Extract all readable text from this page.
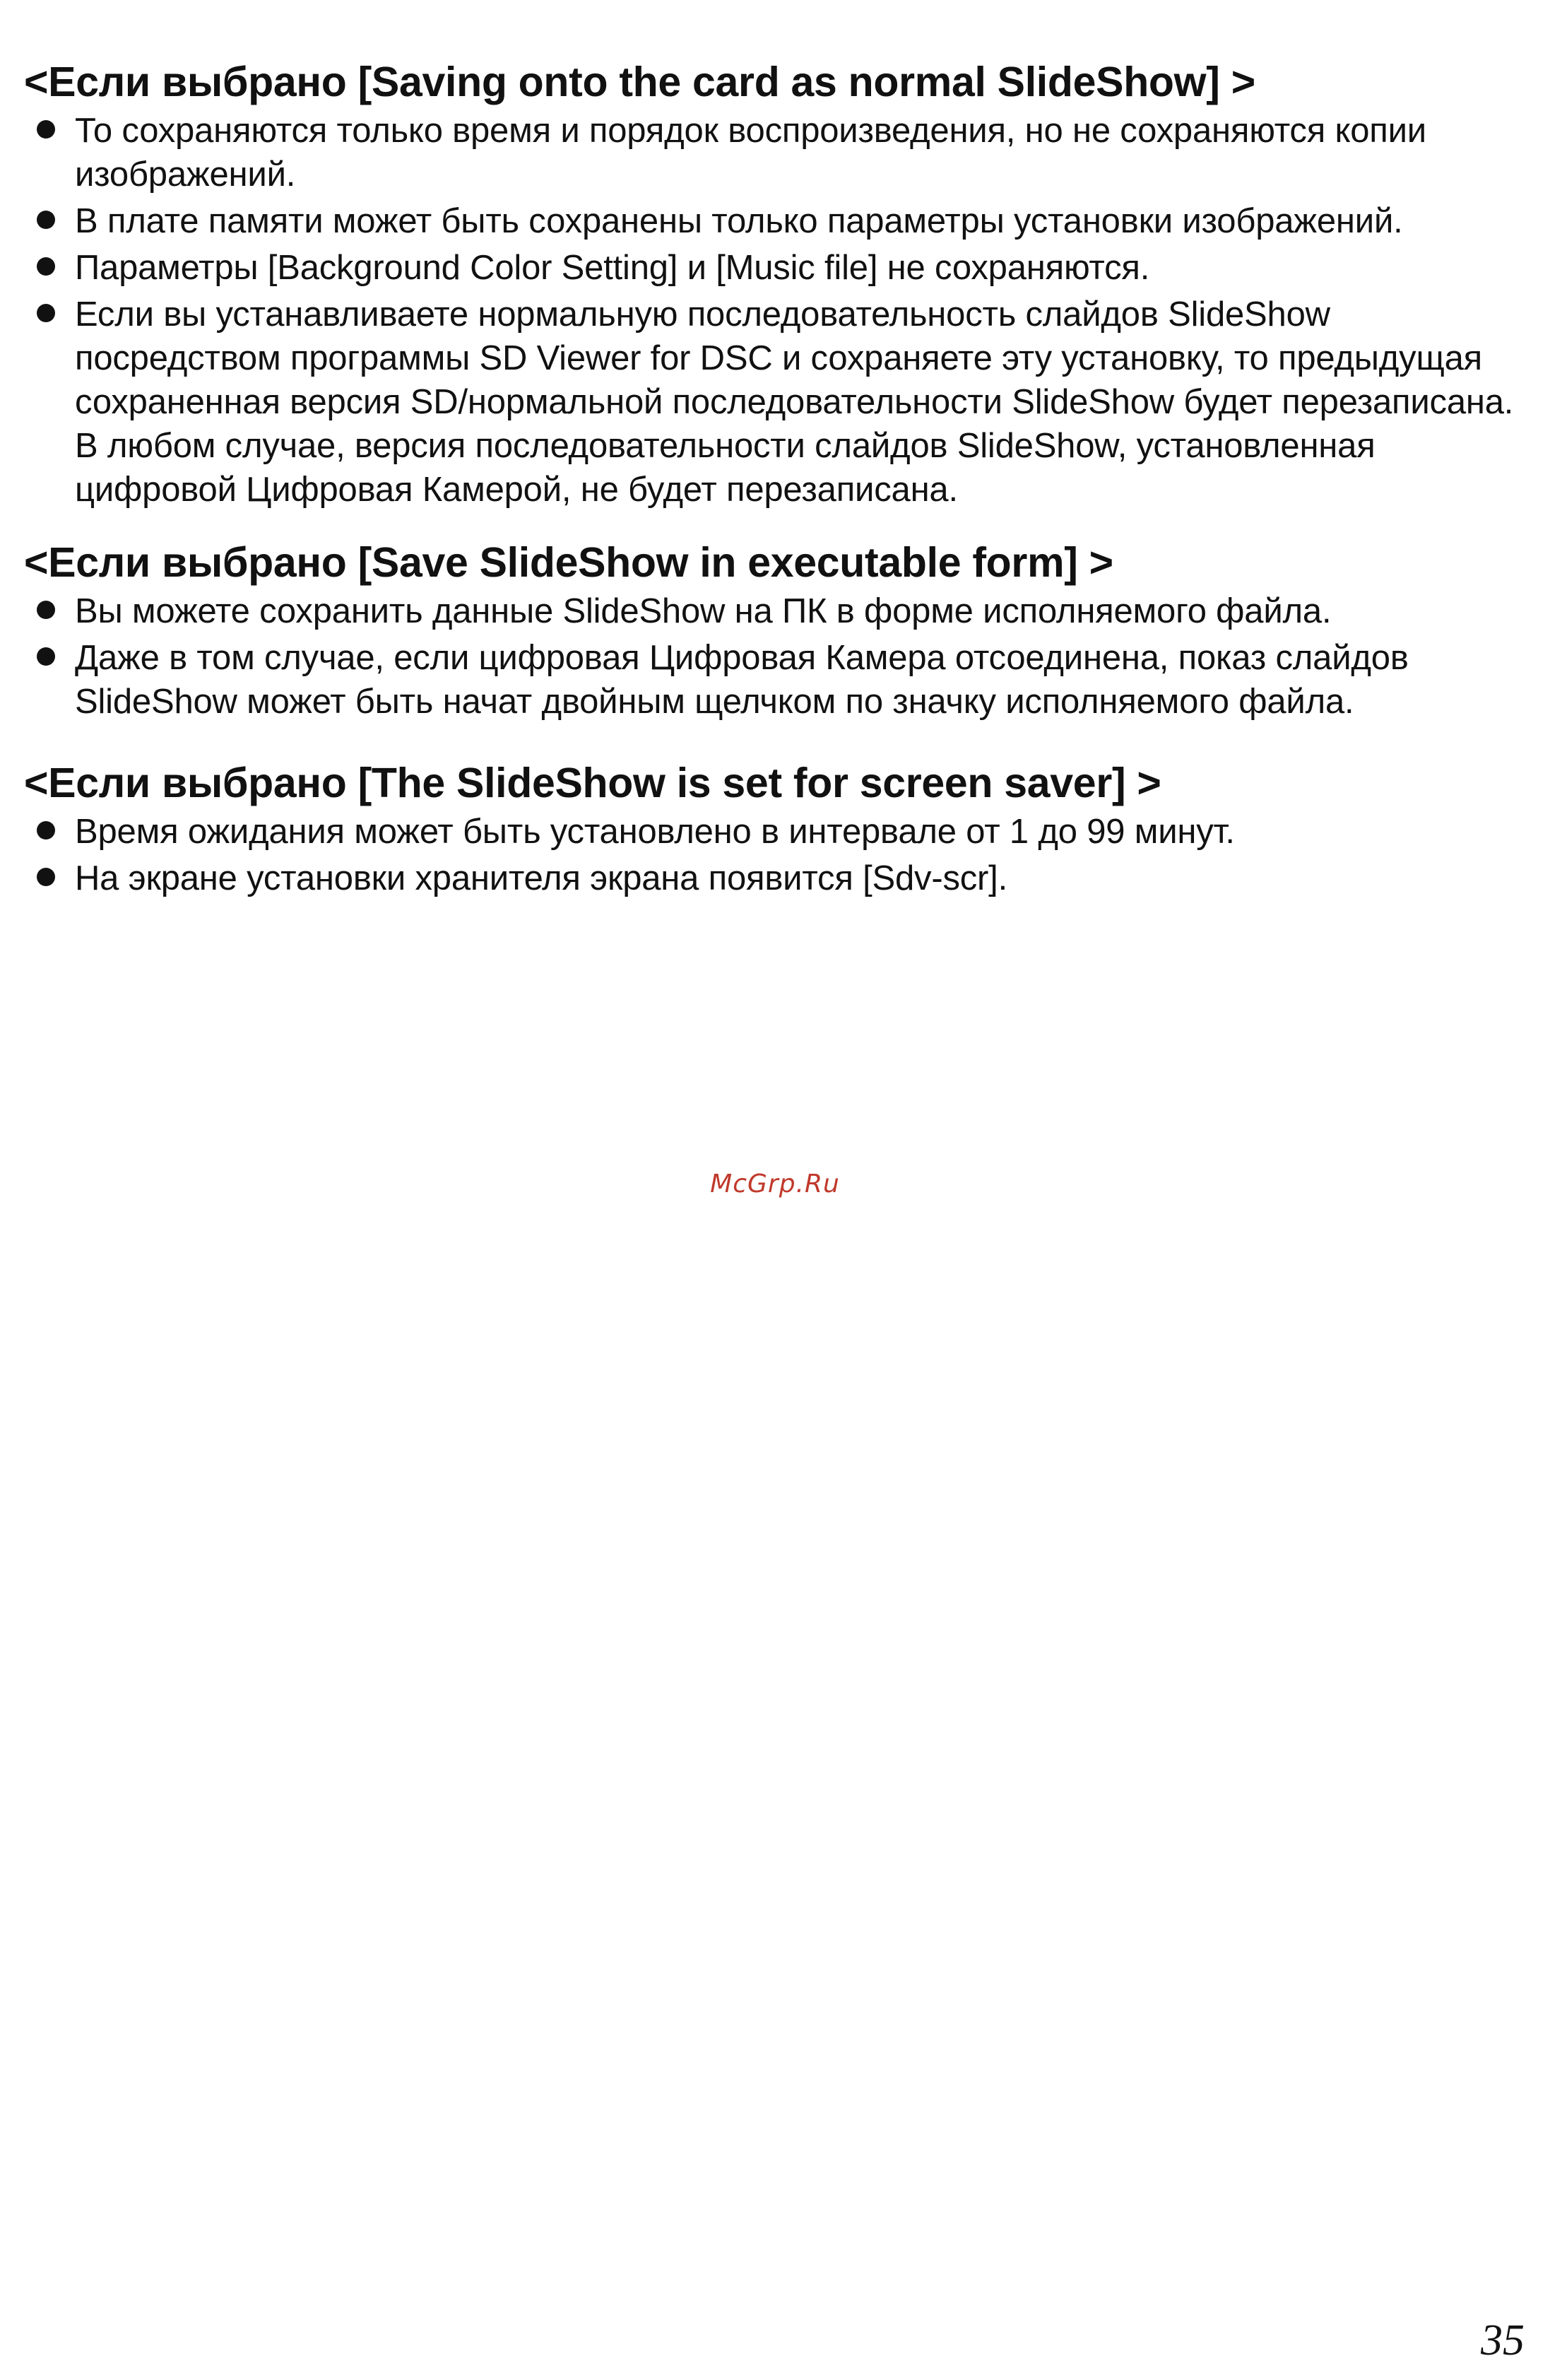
<Если выбрано [Saving onto the card as normal SlideShow] >
То сохраняются только время и порядок воспроизведения, но не сохраняются копии изображений.
В плате памяти может быть сохранены только параметры установки изображений.
Параметры [Background Color Setting] и [Music file] не сохраняются.
Если вы устанавливаете нормальную последовательность слайдов SlideShow посредством программы SD Viewer for DSC и сохраняете эту установку, то предыдущая сохраненная версия SD/нормальной последовательности SlideShow будет перезаписана. В любом случае, версия последовательности слайдов SlideShow, установленная цифровой Цифровая Камерой, не будет перезаписана.
<Если выбрано [Save SlideShow in executable form] >
Вы можете сохранить данные SlideShow на ПК в форме исполняемого файла.
Даже в том случае, если цифровая Цифровая Камера отсоединена, показ слайдов SlideShow может быть начат двойным щелчком по значку исполняемого файла.
<Если выбрано [The SlideShow is set for screen saver] >
Время ожидания может быть установлено в интервале от 1 до 99 минут.
На экране установки хранителя экрана появится [Sdv-scr].
McGrp.Ru
35
